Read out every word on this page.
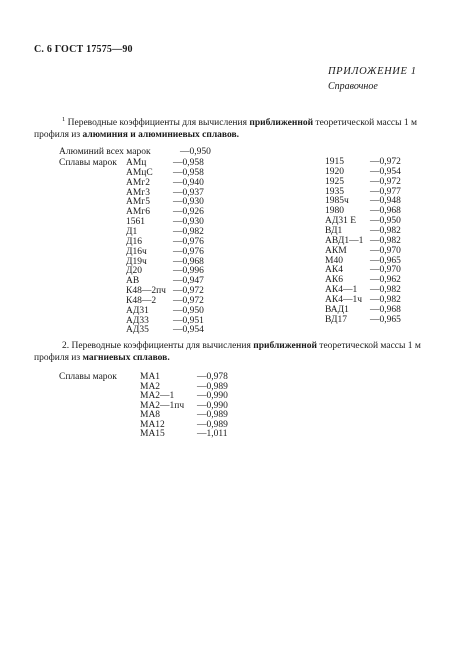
С. 6 ГОСТ 17575—90
ПРИЛОЖЕНИЕ 1
Справочное
$^1$ Переводные коэффициенты для вычисления приближенной теоретической массы 1 м профиля из алюминия и алюминиевых сплавов.
Алюминий всех марок	—0,950
Сплавы марок АМц	—0,958
АМцС —0,958
АМг2 —0,940
АМг3 —0,937
АМг5 —0,930
АМг6 —0,926
1561	—0,930
Д1	—0,982
Д16	—0,976
Д16ч	—0,976
Д19ч	—0,968
Д20	—0,996
АВ	—0,947
К48—2пч —0,972
К48—2 —0,972
АД31	—0,950
АД33	—0,951
АД35	—0,954
1915	—0,972
1920	—0,954
1925	—0,972
1935	—0,977
1985ч —0,948
1980	—0,968
АД31 Е —0,950
ВД1	—0,982
АВД1—1 —0,982
АКМ —0,970
М40	—0,965
АК4	—0,970
АК6	—0,962
АК4—1 —0,982
АК4—1ч —0,982
ВАД1 —0,968
ВД17 —0,965
2. Переводные коэффициенты для вычисления приближенной теоретической массы 1 м профиля из магниевых сплавов.
Сплавы марок МА1	—0,978
МА2	—0,989
МА2—1 —0,990
МА2—1пч —0,990
МА8	—0,989
МА12	—0,989
МА15	—1,011
